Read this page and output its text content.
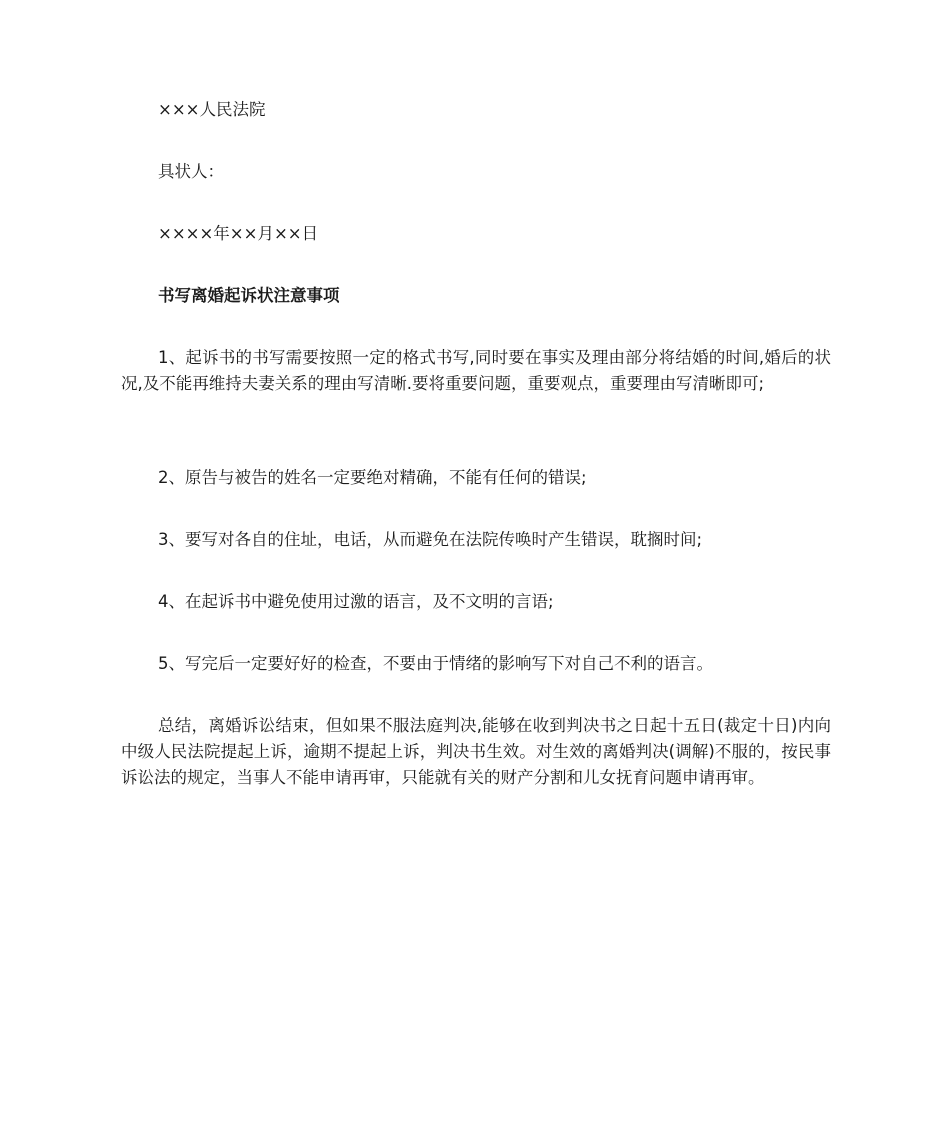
×××人民法院
具状人：
××××年××月××日
书写离婚起诉状注意事项
1、起诉书的书写需要按照一定的格式书写,同时要在事实及理由部分将结婚的时间,婚后的状况,及不能再维持夫妻关系的理由写清晰.要将重要问题，重要观点，重要理由写清晰即可;
2、原告与被告的姓名一定要绝对精确，不能有任何的错误;
3、要写对各自的住址，电话，从而避免在法院传唤时产生错误，耽搁时间;
4、在起诉书中避免使用过激的语言，及不文明的言语;
5、写完后一定要好好的检查，不要由于情绪的影响写下对自己不利的语言。
总结，离婚诉讼结束，但如果不服法庭判决,能够在收到判决书之日起十五日(裁定十日)内向中级人民法院提起上诉，逾期不提起上诉，判决书生效。对生效的离婚判决(调解)不服的，按民事诉讼法的规定，当事人不能申请再审，只能就有关的财产分割和儿女抚育问题申请再审。
